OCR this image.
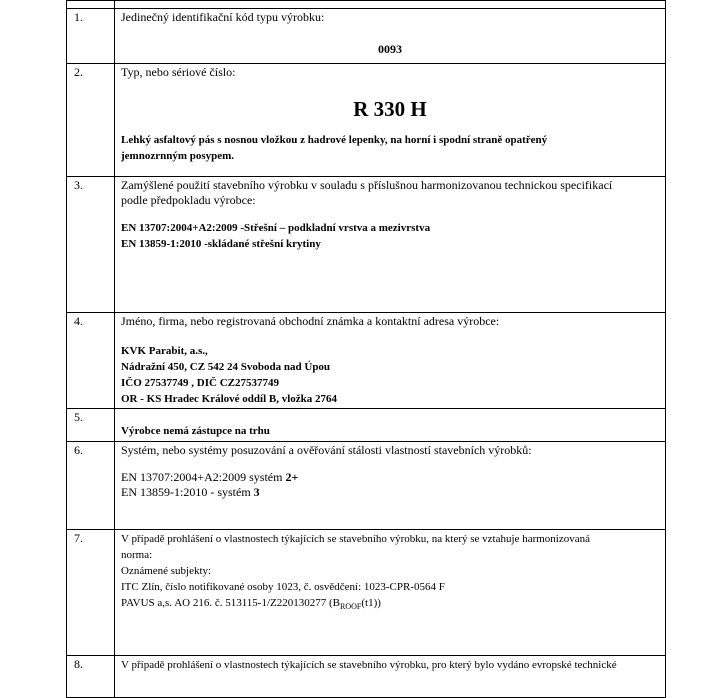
1.	Jedinečný identifikační kód typu výrobku:
0093

2.	Typ, nebo sériové číslo:
R 330 H
Lehký asfaltový pás s nosnou vložkou z hadrové lepenky, na horní i spodní straně opatřený
jemnozrnným posypem.

3.	Zamýšlené použití stavebního výrobku v souladu s příslušnou harmonizovanou technickou specifikací
podle předpokladu výrobce:
EN 13707:2004+A2:2009 -Střešní – podkladní vrstva a mezivrstva
EN 13859-1:2010 -skládané střešní krytiny

4.	Jméno, firma, nebo registrovaná obchodní známka a kontaktní adresa výrobce:
KVK Parabit, a.s.,
Nádražní 450, CZ 542 24 Svoboda nad Úpou
IČO 27537749 , DIČ CZ27537749
OR - KS Hradec Králové oddíl B, vložka 2764

5.	Výrobce nemá zástupce na trhu

6.	Systém, nebo systémy posuzování a ověřování stálosti vlastností stavebních výrobků:
EN 13707:2004+A2:2009 systém 2+
EN 13859-1:2010 - systém 3

7.	V případě prohlášení o vlastnostech týkajících se stavebního výrobku, na který se vztahuje harmonizovaná
norma:
Oznámené subjekty:
ITC Zlín, číslo notifikované osoby 1023, č. osvědčení: 1023-CPR-0564 F
PAVUS a,s. AO 216. č. 513115-1/Z220130277 $(B_{ROOF}(t1))$

8.	V případě prohlášení o vlastnostech týkajících se stavebního výrobku, pro který bylo vydáno evropské technické
